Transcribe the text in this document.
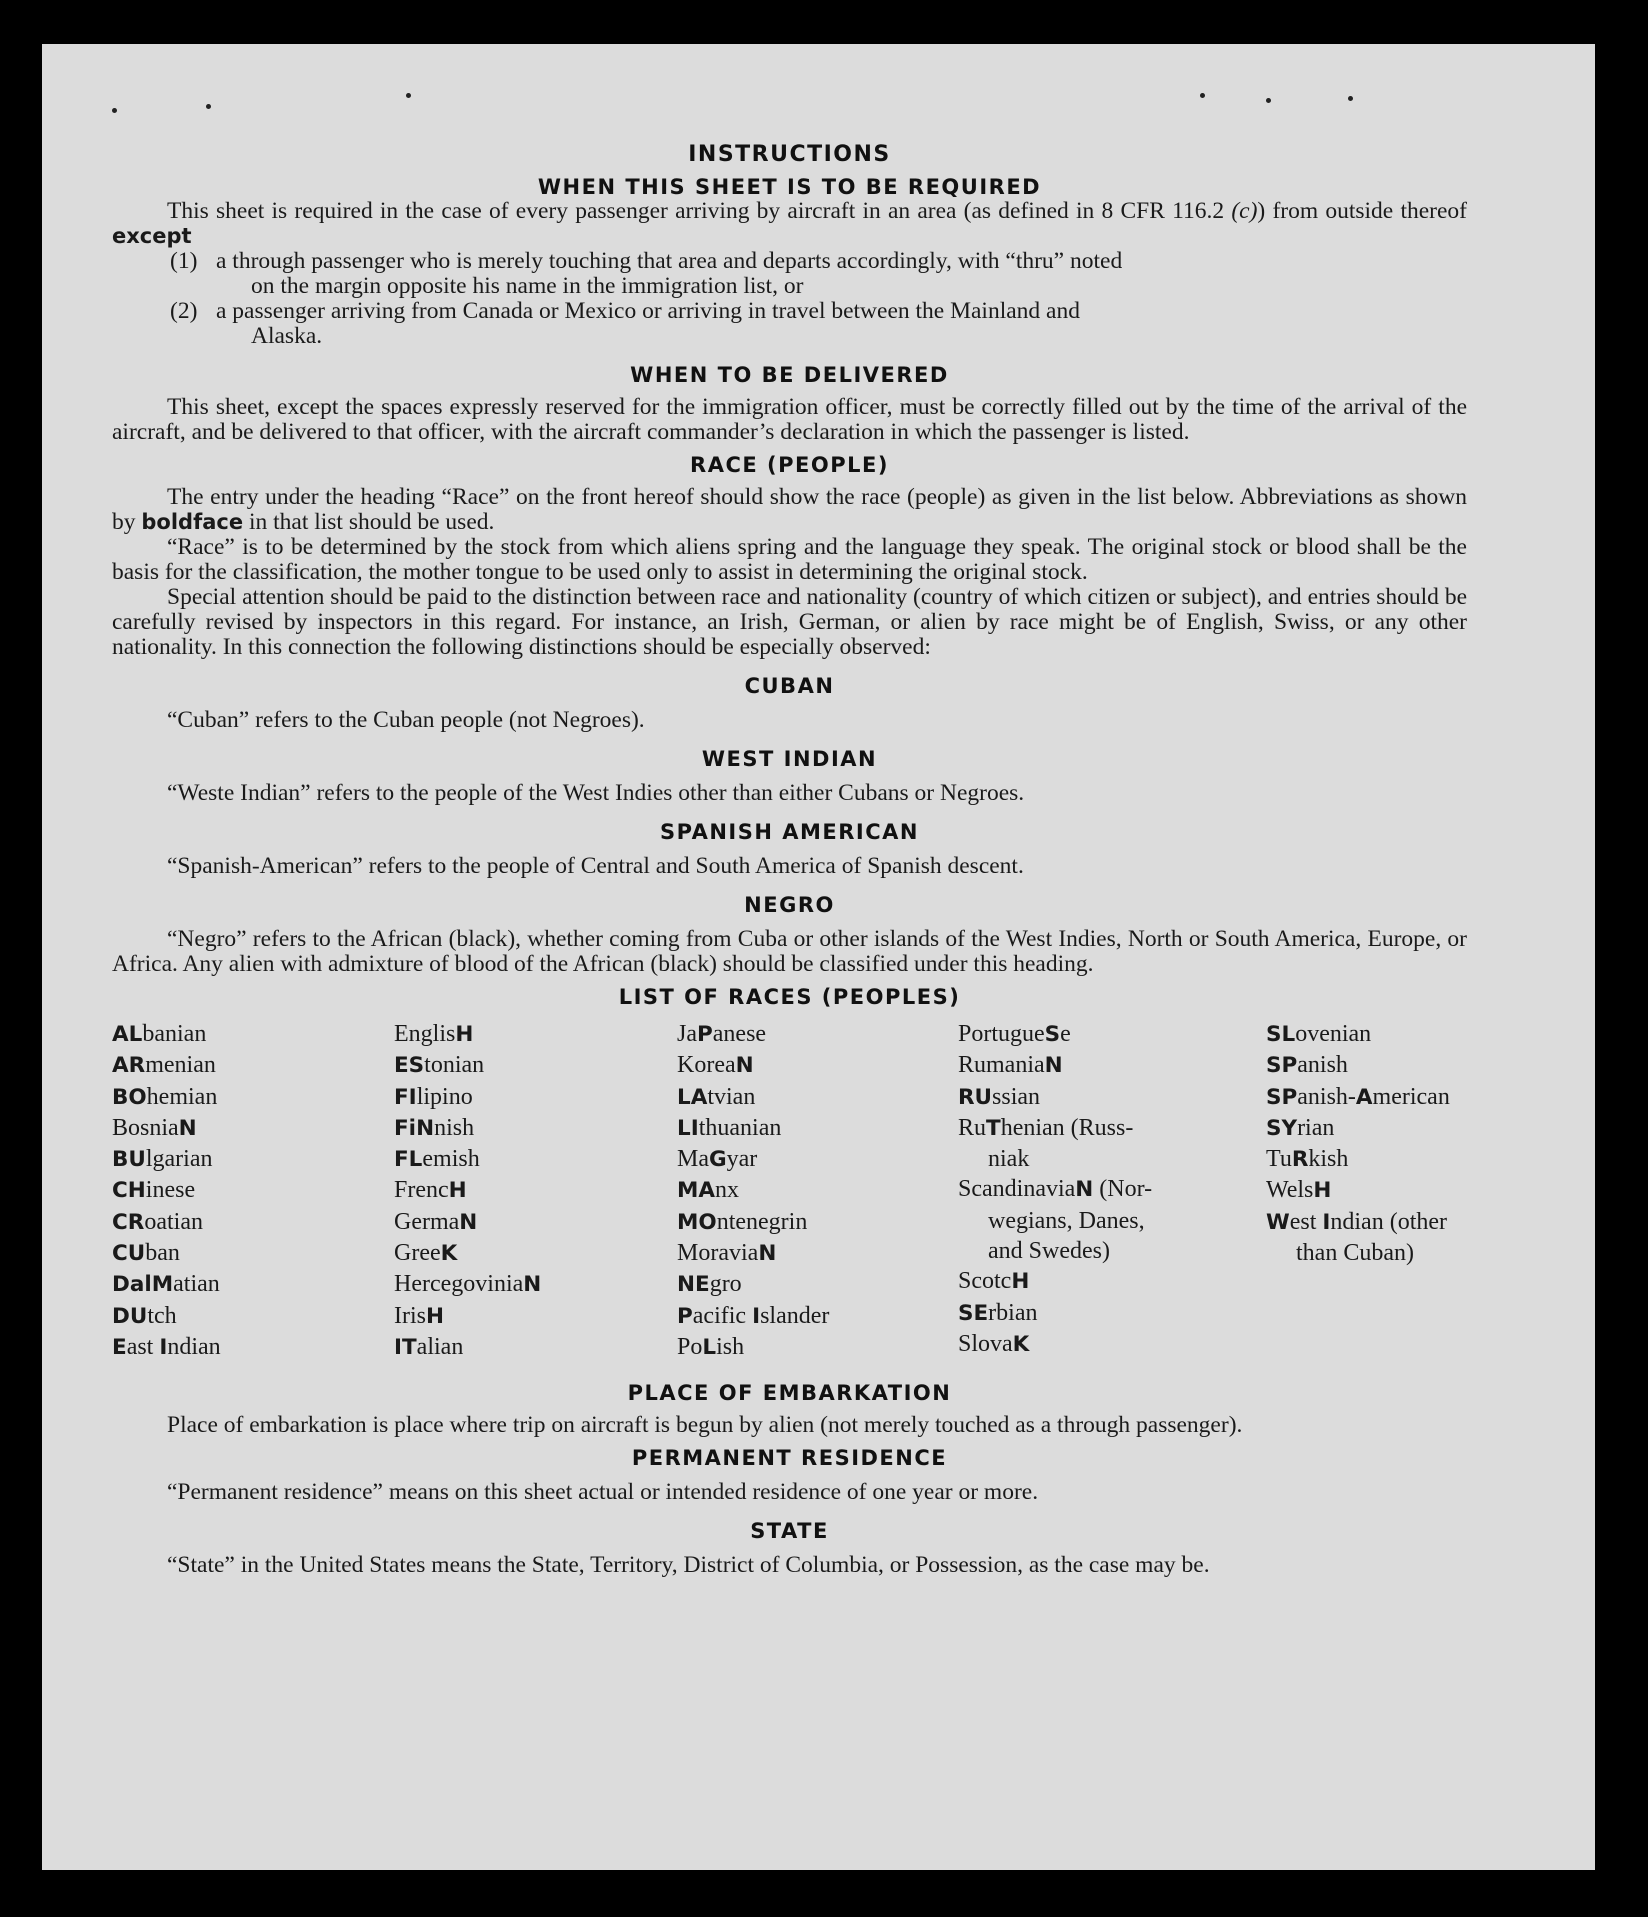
INSTRUCTIONS
WHEN THIS SHEET IS TO BE REQUIRED

This sheet is required in the case of every passenger arriving by aircraft in an area (as defined in 8 CFR 116.2 (c)) from outside thereof except

(1) a through passenger who is merely touching that area and departs accordingly, with “thru” noted
on the margin opposite his name in the immigration list, or
(2) a passenger arriving from Canada or Mexico or arriving in travel between the Mainland and
Alaska.
WHEN TO BE DELIVERED

This sheet, except the spaces expressly reserved for the immigration officer, must be correctly filled out by the time of the arrival of the aircraft, and be delivered to that officer, with the aircraft commander’s declaration in which the passenger is listed.

RACE (PEOPLE)

The entry under the heading “Race” on the front hereof should show the race (people) as given in the list below. Abbreviations as shown by boldface in that list should be used.

“Race” is to be determined by the stock from which aliens spring and the language they speak. The original stock or blood shall be the basis for the classification, the mother tongue to be used only to assist in determining the original stock.

Special attention should be paid to the distinction between race and nationality (country of which citizen or subject), and entries should be carefully revised by inspectors in this regard. For instance, an Irish, German, or alien by race might be of English, Swiss, or any other nationality. In this connection the following distinctions should be especially observed:

CUBAN

“Cuban” refers to the Cuban people (not Negroes).

WEST INDIAN

“Weste Indian” refers to the people of the West Indies other than either Cubans or Negroes.

SPANISH AMERICAN

“Spanish-American” refers to the people of Central and South America of Spanish descent.

NEGRO

“Negro” refers to the African (black), whether coming from Cuba or other islands of the West Indies, North or South America, Europe, or Africa. Any alien with admixture of blood of the African (black) should be classified under this heading.

LIST OF RACES (PEOPLES)
ALbanian
ARmenian
BOhemian
BosniaN
BUlgarian
CHinese
CRoatian
CUban
DalMatian
DUtch
East Indian
EnglisH
EStonian
FIlipino
FiNnish
FLemish
FrencH
GermaN
GreeK
HercegoviniaN
IrisH
ITalian
JaPanese
KoreaN
LAtvian
LIthuanian
MaGyar
MAnx
MOntenegrin
MoraviaN
NEgro
Pacific Islander
PoLish
PortugueSe
RumaniaN
RUssian
RuThenian (Russ-
niak
ScandinaviaN (Nor-
wegians, Danes,
and Swedes)
ScotcH
SErbian
SlovaK
SLovenian
SPanish
SPanish-American
SYrian
TuRkish
WelsH
West Indian (other
than Cuban)
PLACE OF EMBARKATION

Place of embarkation is place where trip on aircraft is begun by alien (not merely touched as a through passenger).

PERMANENT RESIDENCE

“Permanent residence” means on this sheet actual or intended residence of one year or more.

STATE

“State” in the United States means the State, Territory, District of Columbia, or Possession, as the case may be.
